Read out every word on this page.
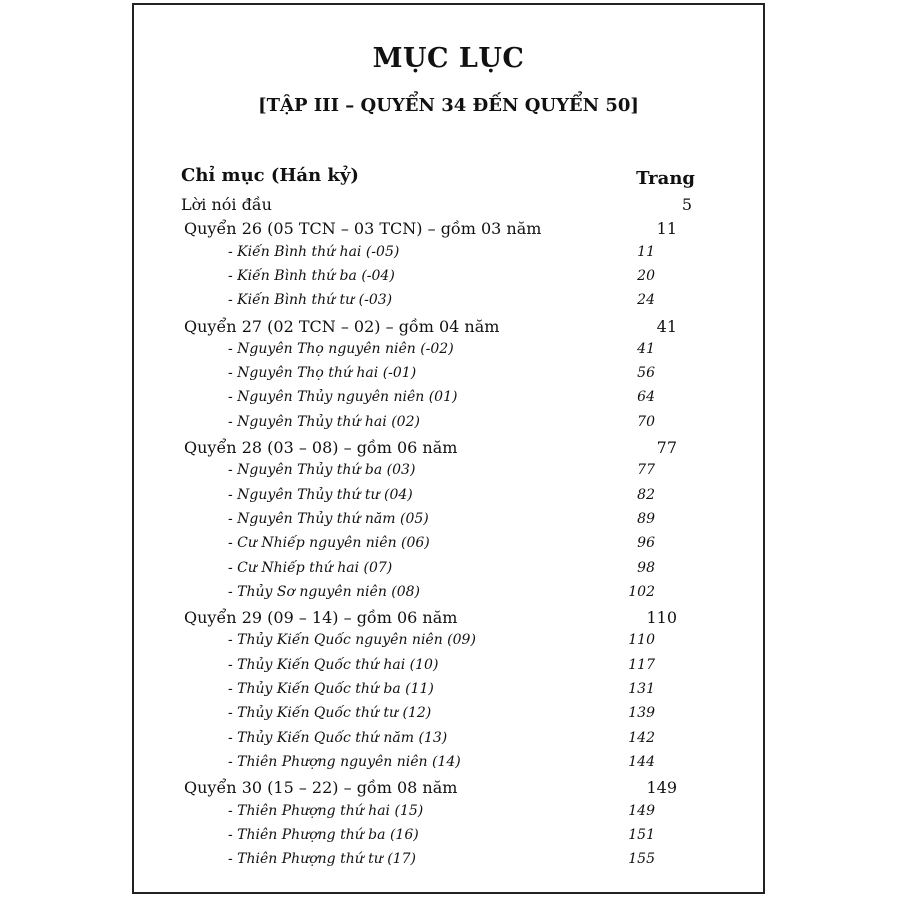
MỤC LỤC
[TẬP III – QUYỂN 34 ĐẾN QUYỂN 50]
Chỉ mục (Hán kỷ)	Trang
Lời nói đầu	5
Quyển 26 (05 TCN – 03 TCN) – gồm 03 năm	11
- Kiến Bình thứ hai (-05)	11
- Kiến Bình thứ ba (-04)	20
- Kiến Bình thứ tư (-03)	24
Quyển 27 (02 TCN – 02) – gồm 04 năm	41
- Nguyên Thọ nguyên niên (-02)	41
- Nguyên Thọ thứ hai (-01)	56
- Nguyên Thủy nguyên niên (01)	64
- Nguyên Thủy thứ hai (02)	70
Quyển 28 (03 – 08) – gồm 06 năm	77
- Nguyên Thủy thứ ba (03)	77
- Nguyên Thủy thứ tư (04)	82
- Nguyên Thủy thứ năm (05)	89
- Cư Nhiếp nguyên niên (06)	96
- Cư Nhiếp thứ hai (07)	98
- Thủy Sơ nguyên niên (08)	102
Quyển 29 (09 – 14) – gồm 06 năm	110
- Thủy Kiến Quốc nguyên niên (09)	110
- Thủy Kiến Quốc thứ hai (10)	117
- Thủy Kiến Quốc thứ ba (11)	131
- Thủy Kiến Quốc thứ tư (12)	139
- Thủy Kiến Quốc thứ năm (13)	142
- Thiên Phượng nguyên niên (14)	144
Quyển 30 (15 – 22) – gồm 08 năm	149
- Thiên Phượng thứ hai (15)	149
- Thiên Phượng thứ ba (16)	151
- Thiên Phượng thứ tư (17)	155
